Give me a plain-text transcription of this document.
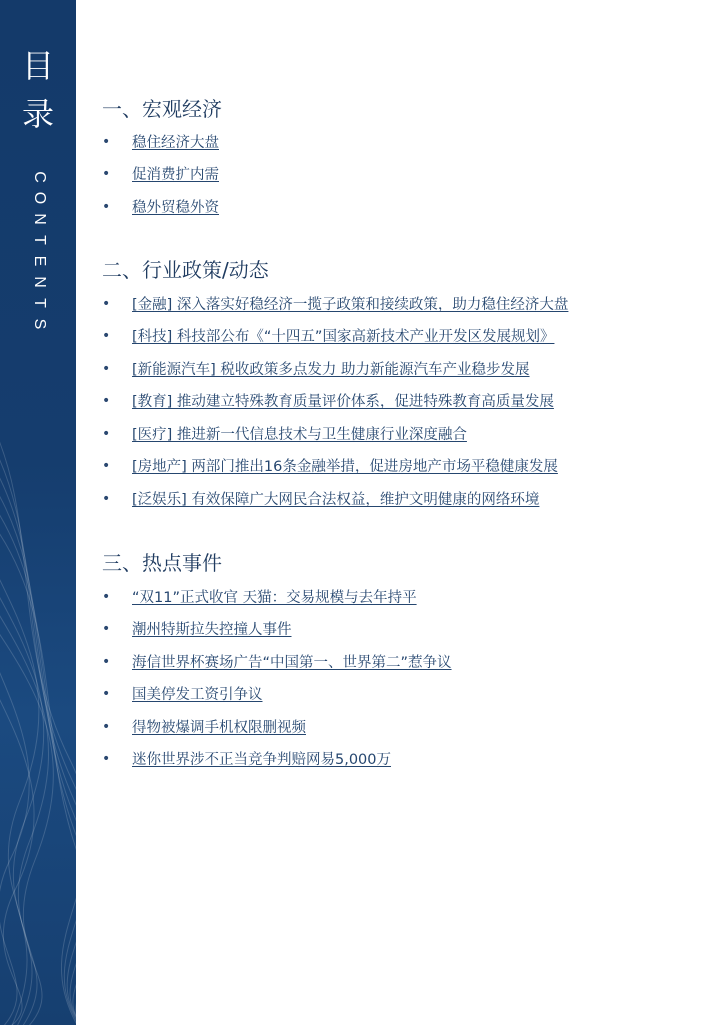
目
录
C
O
N
T
E
N
T
S
一、宏观经济
• 稳住经济大盘
• 促消费扩内需
• 稳外贸稳外资
二、行业政策/动态
• [金融] 深入落实好稳经济一揽子政策和接续政策，助力稳住经济大盘
• [科技] 科技部公布《“十四五”国家高新技术产业开发区发展规划》
• [新能源汽车] 税收政策多点发力 助力新能源汽车产业稳步发展
• [教育] 推动建立特殊教育质量评价体系，促进特殊教育高质量发展
• [医疗] 推进新一代信息技术与卫生健康行业深度融合
• [房地产] 两部门推出16条金融举措，促进房地产市场平稳健康发展
• [泛娱乐] 有效保障广大网民合法权益，维护文明健康的网络环境
三、热点事件
• “双11”正式收官 天猫：交易规模与去年持平
• 潮州特斯拉失控撞人事件
• 海信世界杯赛场广告“中国第一、世界第二”惹争议
• 国美停发工资引争议
• 得物被爆调手机权限删视频
• 迷你世界涉不正当竞争判赔网易5,000万
